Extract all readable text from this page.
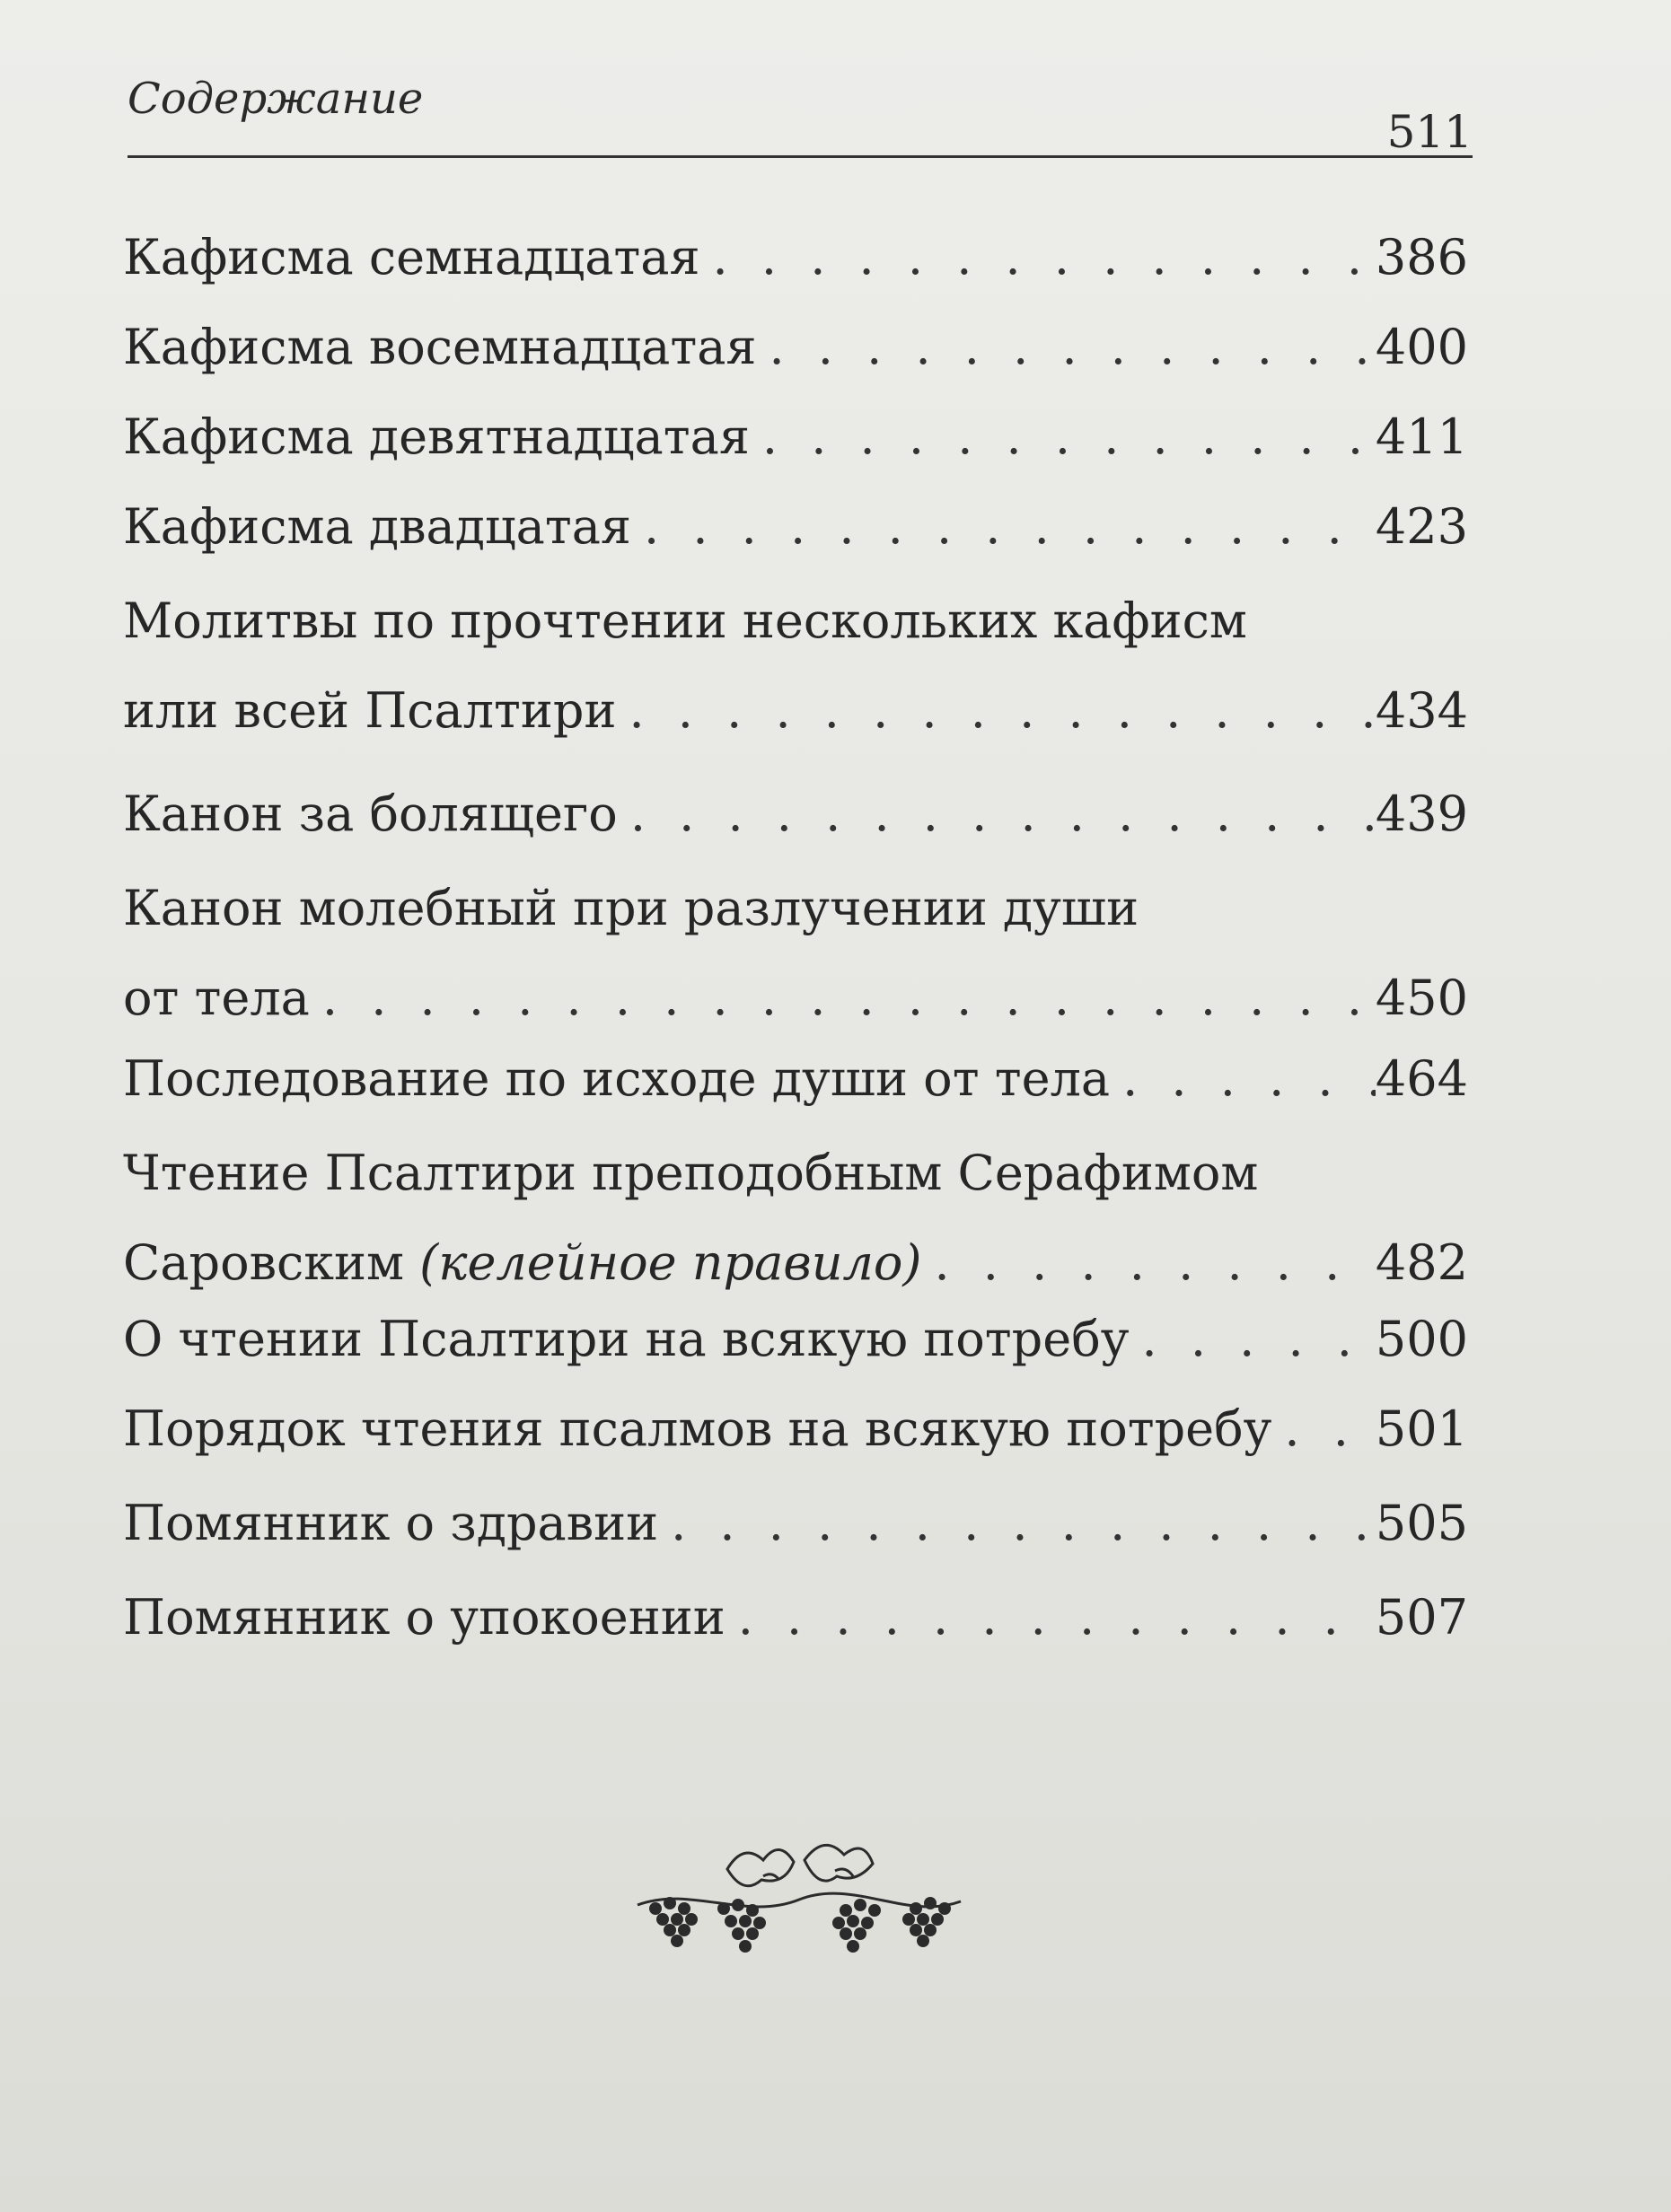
Содержание
511
Кафисма семнадцатая . . .	386
Кафисма восемнадцатая . . .	400
Кафисма девятнадцатая . . .	411
Кафисма двадцатая . . .	423
Молитвы по прочтении нескольких кафисм
или всей Псалтири . . .	434
Канон за болящего . . .	439
Канон молебный при разлучении души
от тела . . .	450
Последование по исходе души от тела . . .	464
Чтение Псалтири преподобным Серафимом
Саровским (келейное правило) . . .	482
О чтении Псалтири на всякую потребу . . .	500
Порядок чтения псалмов на всякую потребу . . . 501
Помянник о здравии . . .	505
Помянник о упокоении . . .	507
